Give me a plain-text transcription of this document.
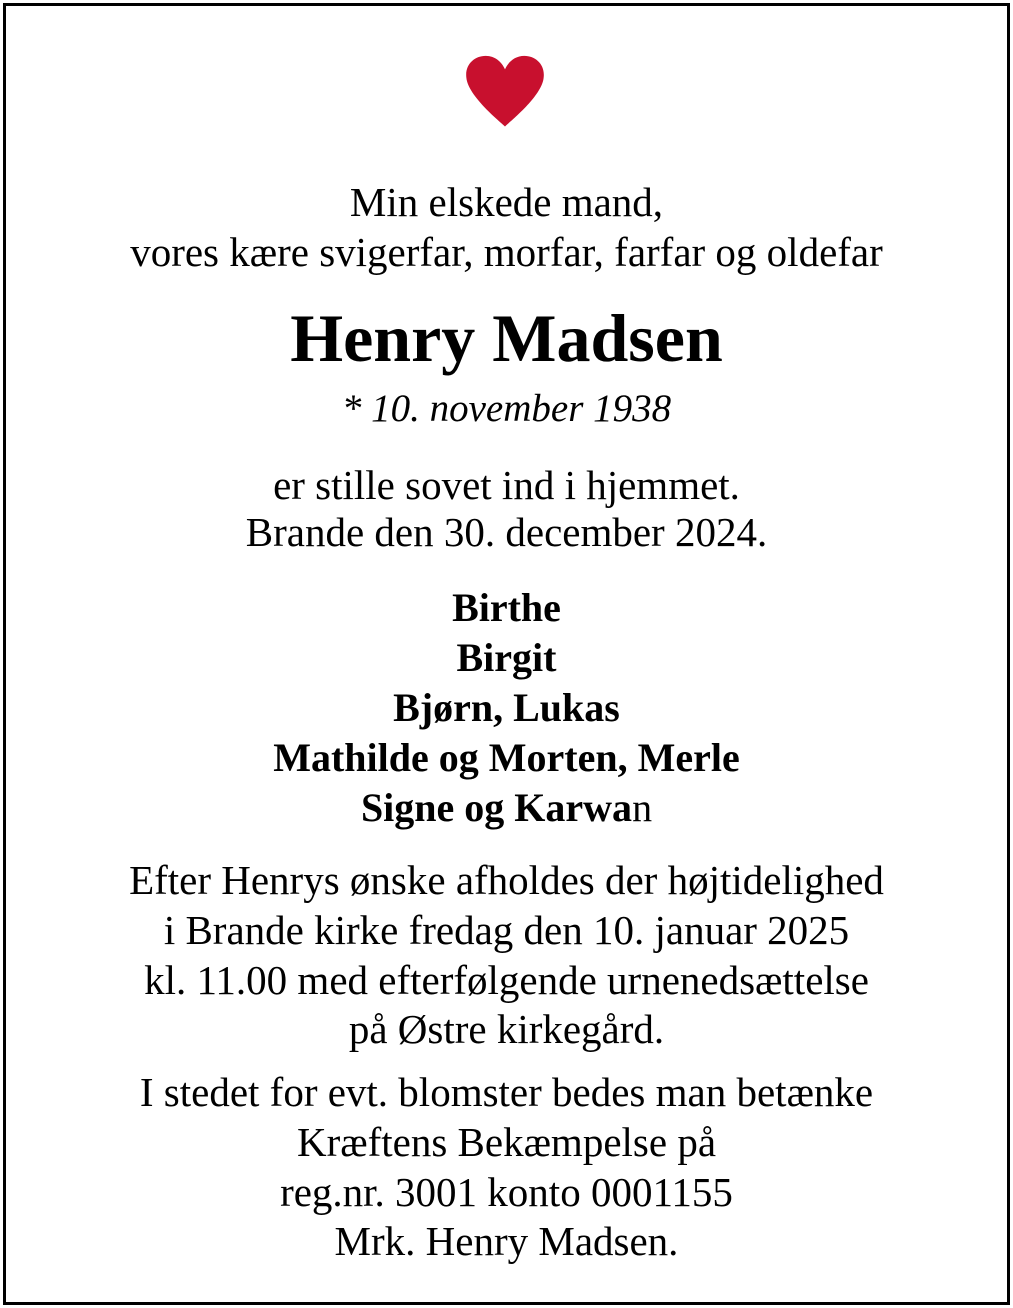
Min elskede mand,
vores kære svigerfar, morfar, farfar og oldefar
Henry Madsen
* 10. november 1938
er stille sovet ind i hjemmet.
Brande den 30. december 2024.
Birthe
Birgit
Bjørn, Lukas
Mathilde og Morten, Merle
Signe og Karwan
Efter Henrys ønske afholdes der højtidelighed
i Brande kirke fredag den 10. januar 2025
kl. 11.00 med efterfølgende urnenedsættelse
på Østre kirkegård.
I stedet for evt. blomster bedes man betænke
Kræftens Bekæmpelse på
reg.nr. 3001 konto 0001155
Mrk. Henry Madsen.
